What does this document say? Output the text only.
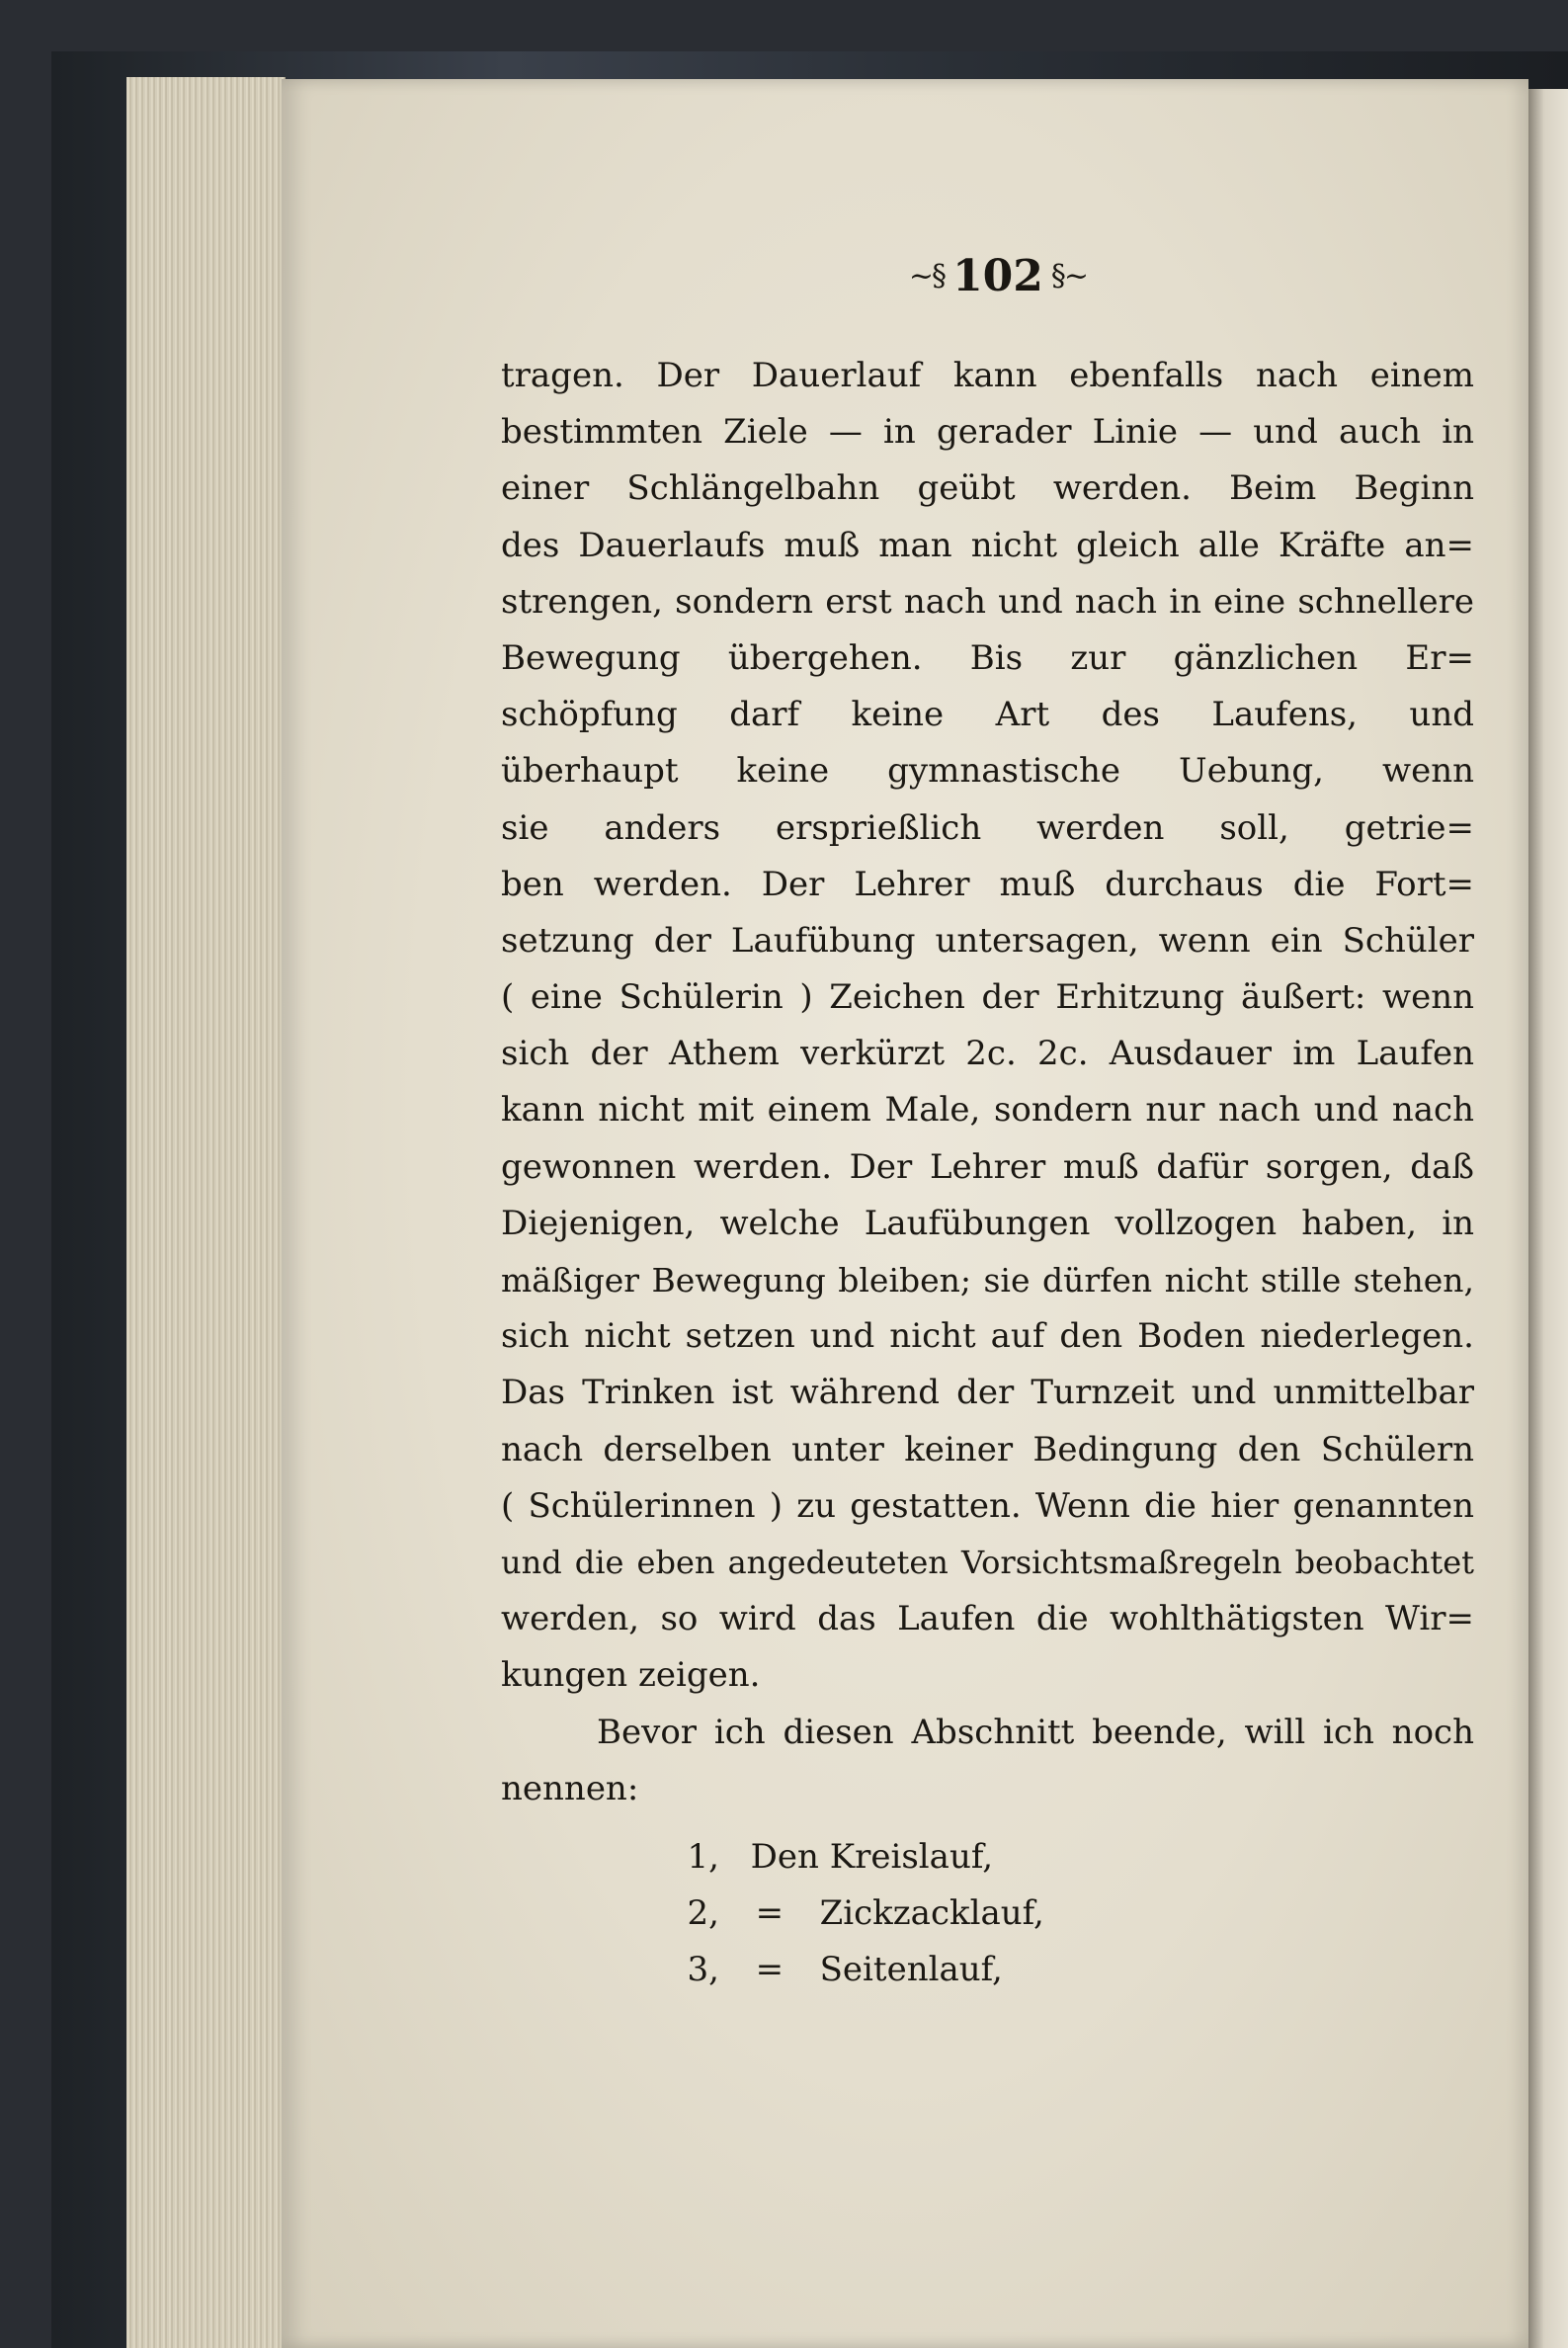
~§ 102 §~
tragen. Der Dauerlauf kann ebenfalls nach einem
bestimmten Ziele — in gerader Linie — und auch in
einer Schlängelbahn geübt werden. Beim Beginn
des Dauerlaufs muß man nicht gleich alle Kräfte an=
strengen, sondern erst nach und nach in eine schnellere
Bewegung übergehen. Bis zur gänzlichen Er=
schöpfung darf keine Art des Laufens, und
überhaupt keine gymnastische Uebung, wenn
sie anders ersprießlich werden soll, getrie=
ben werden. Der Lehrer muß durchaus die Fort=
setzung der Laufübung untersagen, wenn ein Schüler
( eine Schülerin ) Zeichen der Erhitzung äußert: wenn
sich der Athem verkürzt 2c. 2c. Ausdauer im Laufen
kann nicht mit einem Male, sondern nur nach und nach
gewonnen werden. Der Lehrer muß dafür sorgen, daß
Diejenigen, welche Laufübungen vollzogen haben, in
mäßiger Bewegung bleiben; sie dürfen nicht stille stehen,
sich nicht setzen und nicht auf den Boden niederlegen.
Das Trinken ist während der Turnzeit und unmittelbar
nach derselben unter keiner Bedingung den Schülern
( Schülerinnen ) zu gestatten. Wenn die hier genannten
und die eben angedeuteten Vorsichtsmaßregeln beobachtet
werden, so wird das Laufen die wohlthätigsten Wir=
kungen zeigen.
Bevor ich diesen Abschnitt beende, will ich noch
nennen:
1, Den Kreislauf,
2, = Zickzacklauf,
3, = Seitenlauf,
